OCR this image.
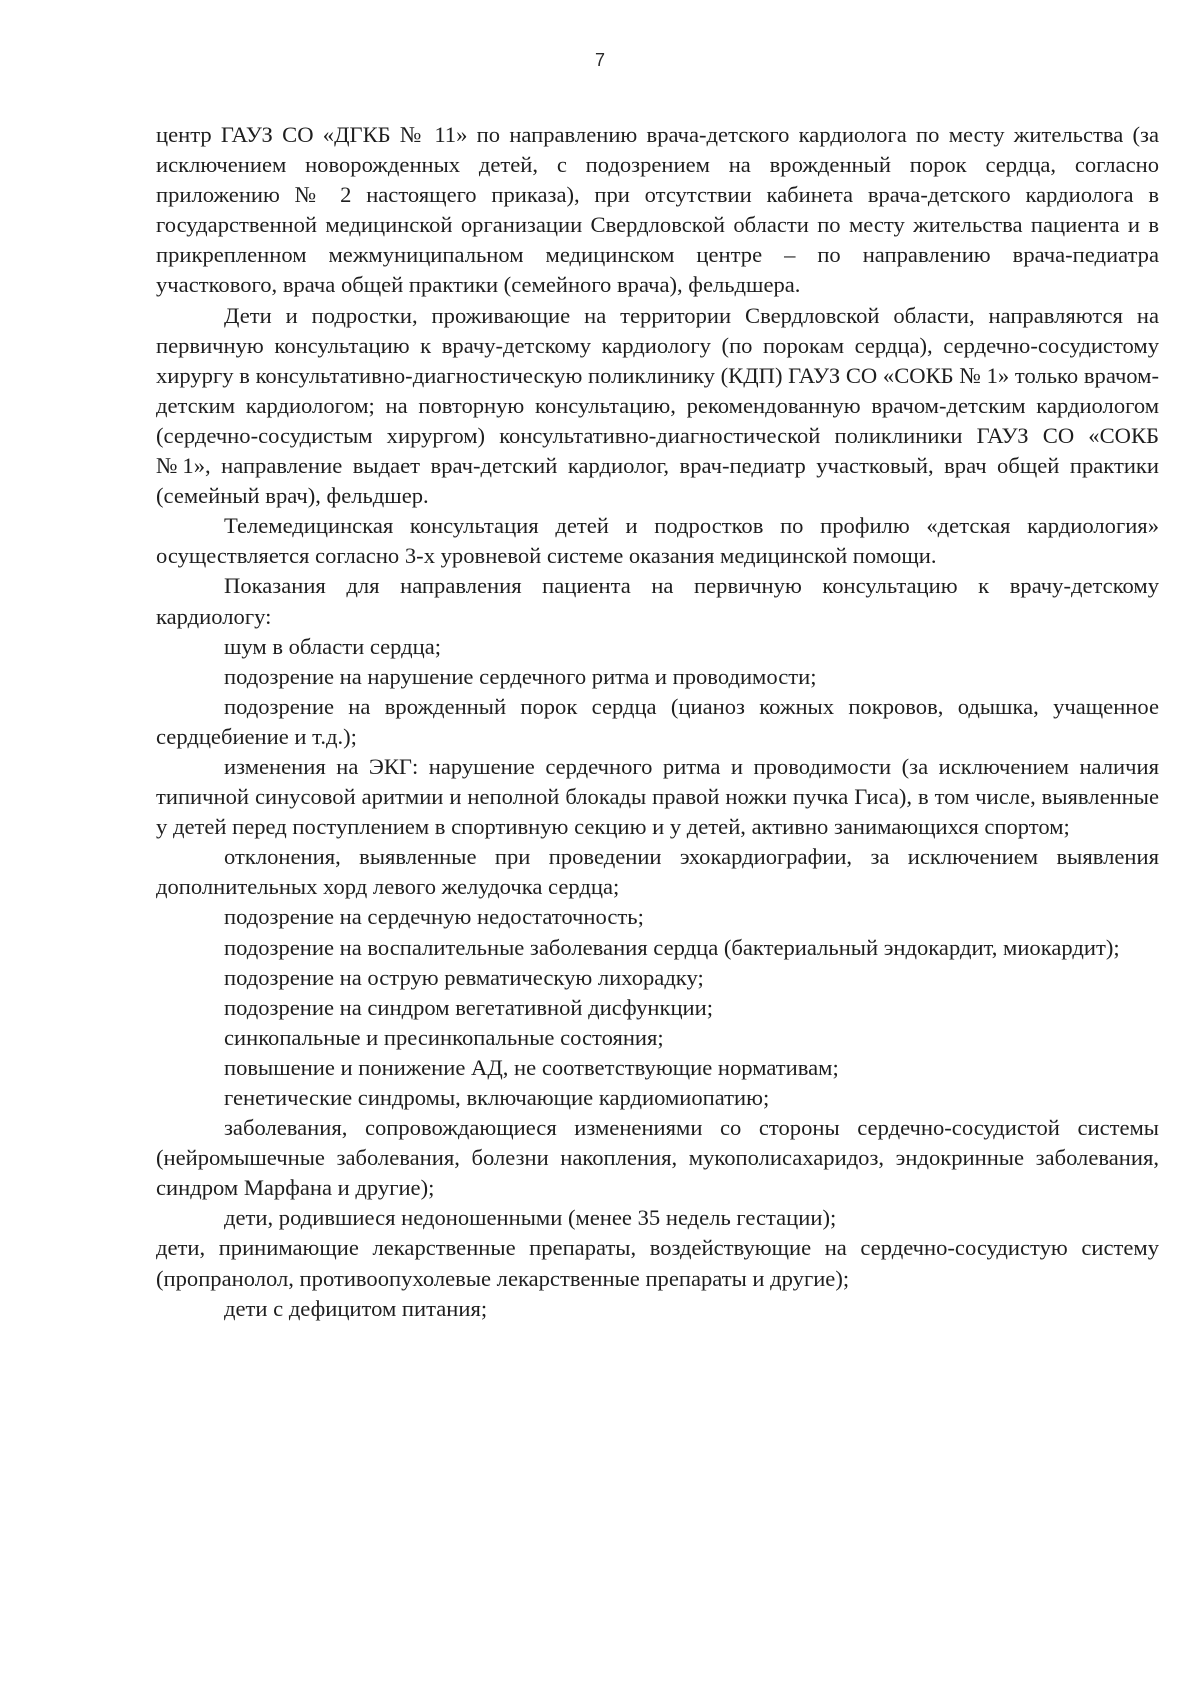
7

центр ГАУЗ СО «ДГКБ № 11» по направлению врача-детского кардиолога по месту жительства (за исключением новорожденных детей, с подозрением на врожденный порок сердца, согласно приложению № 2 настоящего приказа), при отсутствии кабинета врача-детского кардиолога в государственной медицинской организации Свердловской области по месту жительства пациента и в прикрепленном межмуниципальном медицинском центре – по направлению врача-педиатра участкового, врача общей практики (семейного врача), фельдшера.

Дети и подростки, проживающие на территории Свердловской области, направляются на первичную консультацию к врачу-детскому кардиологу (по порокам сердца), сердечно-сосудистому хирургу в консультативно-диагностическую поликлинику (КДП) ГАУЗ СО «СОКБ № 1» только врачом-детским кардиологом; на повторную консультацию, рекомендованную врачом-детским кардиологом (сердечно-сосудистым хирургом) консультативно-диагностической поликлиники ГАУЗ СО «СОКБ №1», направление выдает врач-детский кардиолог, врач-педиатр участковый, врач общей практики (семейный врач), фельдшер.

Телемедицинская консультация детей и подростков по профилю «детская кардиология» осуществляется согласно 3-х уровневой системе оказания медицинской помощи.

Показания для направления пациента на первичную консультацию к врачу-детскому кардиологу:

шум в области сердца;

подозрение на нарушение сердечного ритма и проводимости;

подозрение на врожденный порок сердца (цианоз кожных покровов, одышка, учащенное сердцебиение и т.д.);

изменения на ЭКГ: нарушение сердечного ритма и проводимости (за исключением наличия типичной синусовой аритмии и неполной блокады правой ножки пучка Гиса), в том числе, выявленные у детей перед поступлением в спортивную секцию и у детей, активно занимающихся спортом;

отклонения, выявленные при проведении эхокардиографии, за исключением выявления дополнительных хорд левого желудочка сердца;

подозрение на сердечную недостаточность;

подозрение на воспалительные заболевания сердца (бактериальный эндокардит, миокардит);

подозрение на острую ревматическую лихорадку;

подозрение на синдром вегетативной дисфункции;

синкопальные и пресинкопальные состояния;

повышение и понижение АД, не соответствующие нормативам;

генетические синдромы, включающие кардиомиопатию;

заболевания, сопровождающиеся изменениями со стороны сердечно-сосудистой системы (нейромышечные заболевания, болезни накопления, мукополисахаридоз, эндокринные заболевания, синдром Марфана и другие);

дети, родившиеся недоношенными (менее 35 недель гестации);

дети, принимающие лекарственные препараты, воздействующие на сердечно-сосудистую систему (пропранолол, противоопухолевые лекарственные препараты и другие);

дети с дефицитом питания;
